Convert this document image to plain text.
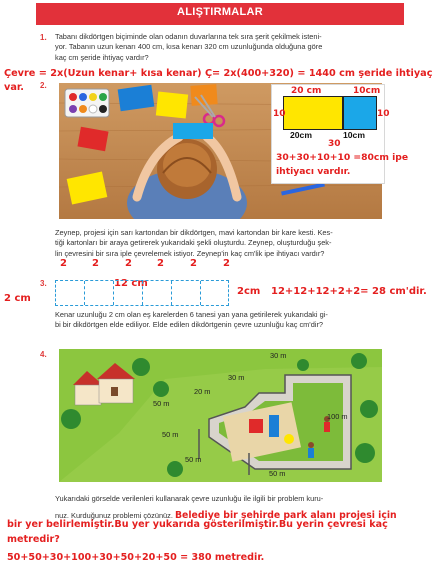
ALIŞTIRMALAR
1. Tabanı dikdörtgen biçiminde olan odanın duvarlarına tek sıra şerit çekilmek isteni-
yor. Tabanın uzun kenarı 400 cm, kısa kenarı 320 cm uzunluğunda olduğuna göre
kaç cm şeride ihtiyaç vardır?
Çevre = 2x(Uzun kenar+ kısa kenar) Ç= 2x(400+320) = 1440 cm şeride ihtiyaç
var. 2.
20 cm	10cm
10	10
20cm	10cm
30
30+30+10+10 =80cm ipe
ihtiyacı vardır.
Zeynep, projesi için sarı kartondan bir dikdörtgen, mavi kartondan bir kare kesti. Kes-
tiği kartonları bir araya getirerek yukarıdaki şekli oluşturdu. Zeynep, oluşturduğu şek-
lin çevresini bir sıra iple çevrelemek istiyor. Zeynep'in kaç cm'lik ipe ihtiyacı vardır?
3.
2	2	2	2	2	2
12 cm
2 cm
2cm 12+12+12+2+2= 28 cm'dir.
Kenar uzunluğu 2 cm olan eş karelerden 6 tanesi yan yana getirilerek yukarıdaki gi-
bi bir dikdörtgen elde ediliyor. Elde edilen dikdörtgenin çevre uzunluğu kaç cm'dir?
4.	30 m
20 m
30 m
50 m
100 m
50 m
50 m
50 m
Yukarıdaki görselde verilenleri kullanarak çevre uzunluğu ile ilgili bir problem kuru-
nuz. Kurduğunuz problemi çözünüz. Belediye bir şehirde park alanı projesi için
bir yer belirlemiştir.Bu yer yukarıda gösterilmiştir.Bu yerin çevresi kaç
metredir?
50+50+30+100+30+50+20+50 = 380 metredir.
